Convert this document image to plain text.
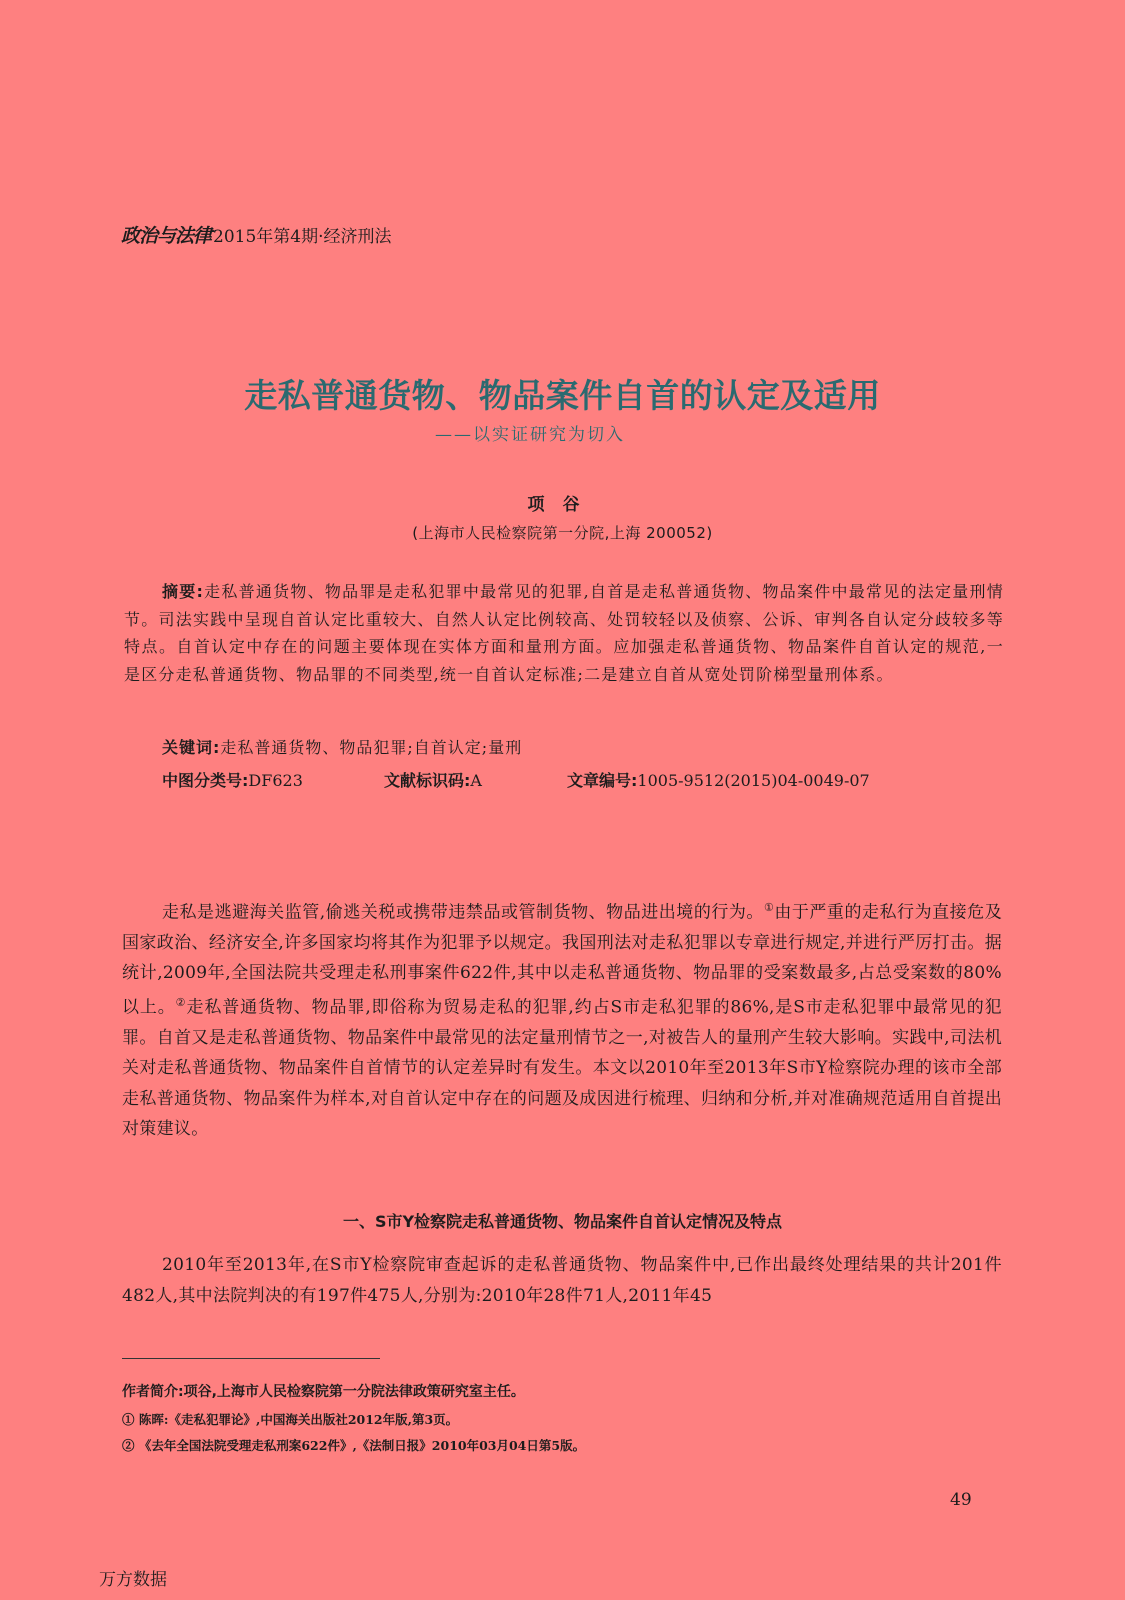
政治与法律 2015年第4期·经济刑法
走私普通货物、物品案件自首的认定及适用
——以实证研究为切入
项谷
(上海市人民检察院第一分院,上海 200052)
摘要:走私普通货物、物品罪是走私犯罪中最常见的犯罪,自首是走私普通货物、物品案件中最常见的法定量刑情节。司法实践中呈现自首认定比重较大、自然人认定比例较高、处罚较轻以及侦察、公诉、审判各自认定分歧较多等特点。自首认定中存在的问题主要体现在实体方面和量刑方面。应加强走私普通货物、物品案件自首认定的规范,一是区分走私普通货物、物品罪的不同类型,统一自首认定标准;二是建立自首从宽处罚阶梯型量刑体系。
关键词:走私普通货物、物品犯罪;自首认定;量刑
中图分类号:DF623	文献标识码:A	文章编号:1005-9512(2015)04-0049-07
走私是逃避海关监管,偷逃关税或携带违禁品或管制货物、物品进出境的行为。①由于严重的走私行为直接危及国家政治、经济安全,许多国家均将其作为犯罪予以规定。我国刑法对走私犯罪以专章进行规定,并进行严厉打击。据统计,2009年,全国法院共受理走私刑事案件622件,其中以走私普通货物、物品罪的受案数最多,占总受案数的80%以上。②走私普通货物、物品罪,即俗称为贸易走私的犯罪,约占S市走私犯罪的86%,是S市走私犯罪中最常见的犯罪。自首又是走私普通货物、物品案件中最常见的法定量刑情节之一,对被告人的量刑产生较大影响。实践中,司法机关对走私普通货物、物品案件自首情节的认定差异时有发生。本文以2010年至2013年S市Y检察院办理的该市全部走私普通货物、物品案件为样本,对自首认定中存在的问题及成因进行梳理、归纳和分析,并对准确规范适用自首提出对策建议。
一、S市Y检察院走私普通货物、物品案件自首认定情况及特点
2010年至2013年,在S市Y检察院审查起诉的走私普通货物、物品案件中,已作出最终处理结果的共计201件482人,其中法院判决的有197件475人,分别为:2010年28件71人,2011年45
作者简介:项谷,上海市人民检察院第一分院法律政策研究室主任。
① 陈晖:《走私犯罪论》,中国海关出版社2012年版,第3页。
② 《去年全国法院受理走私刑案622件》,《法制日报》2010年03月04日第5版。
49
万方数据
